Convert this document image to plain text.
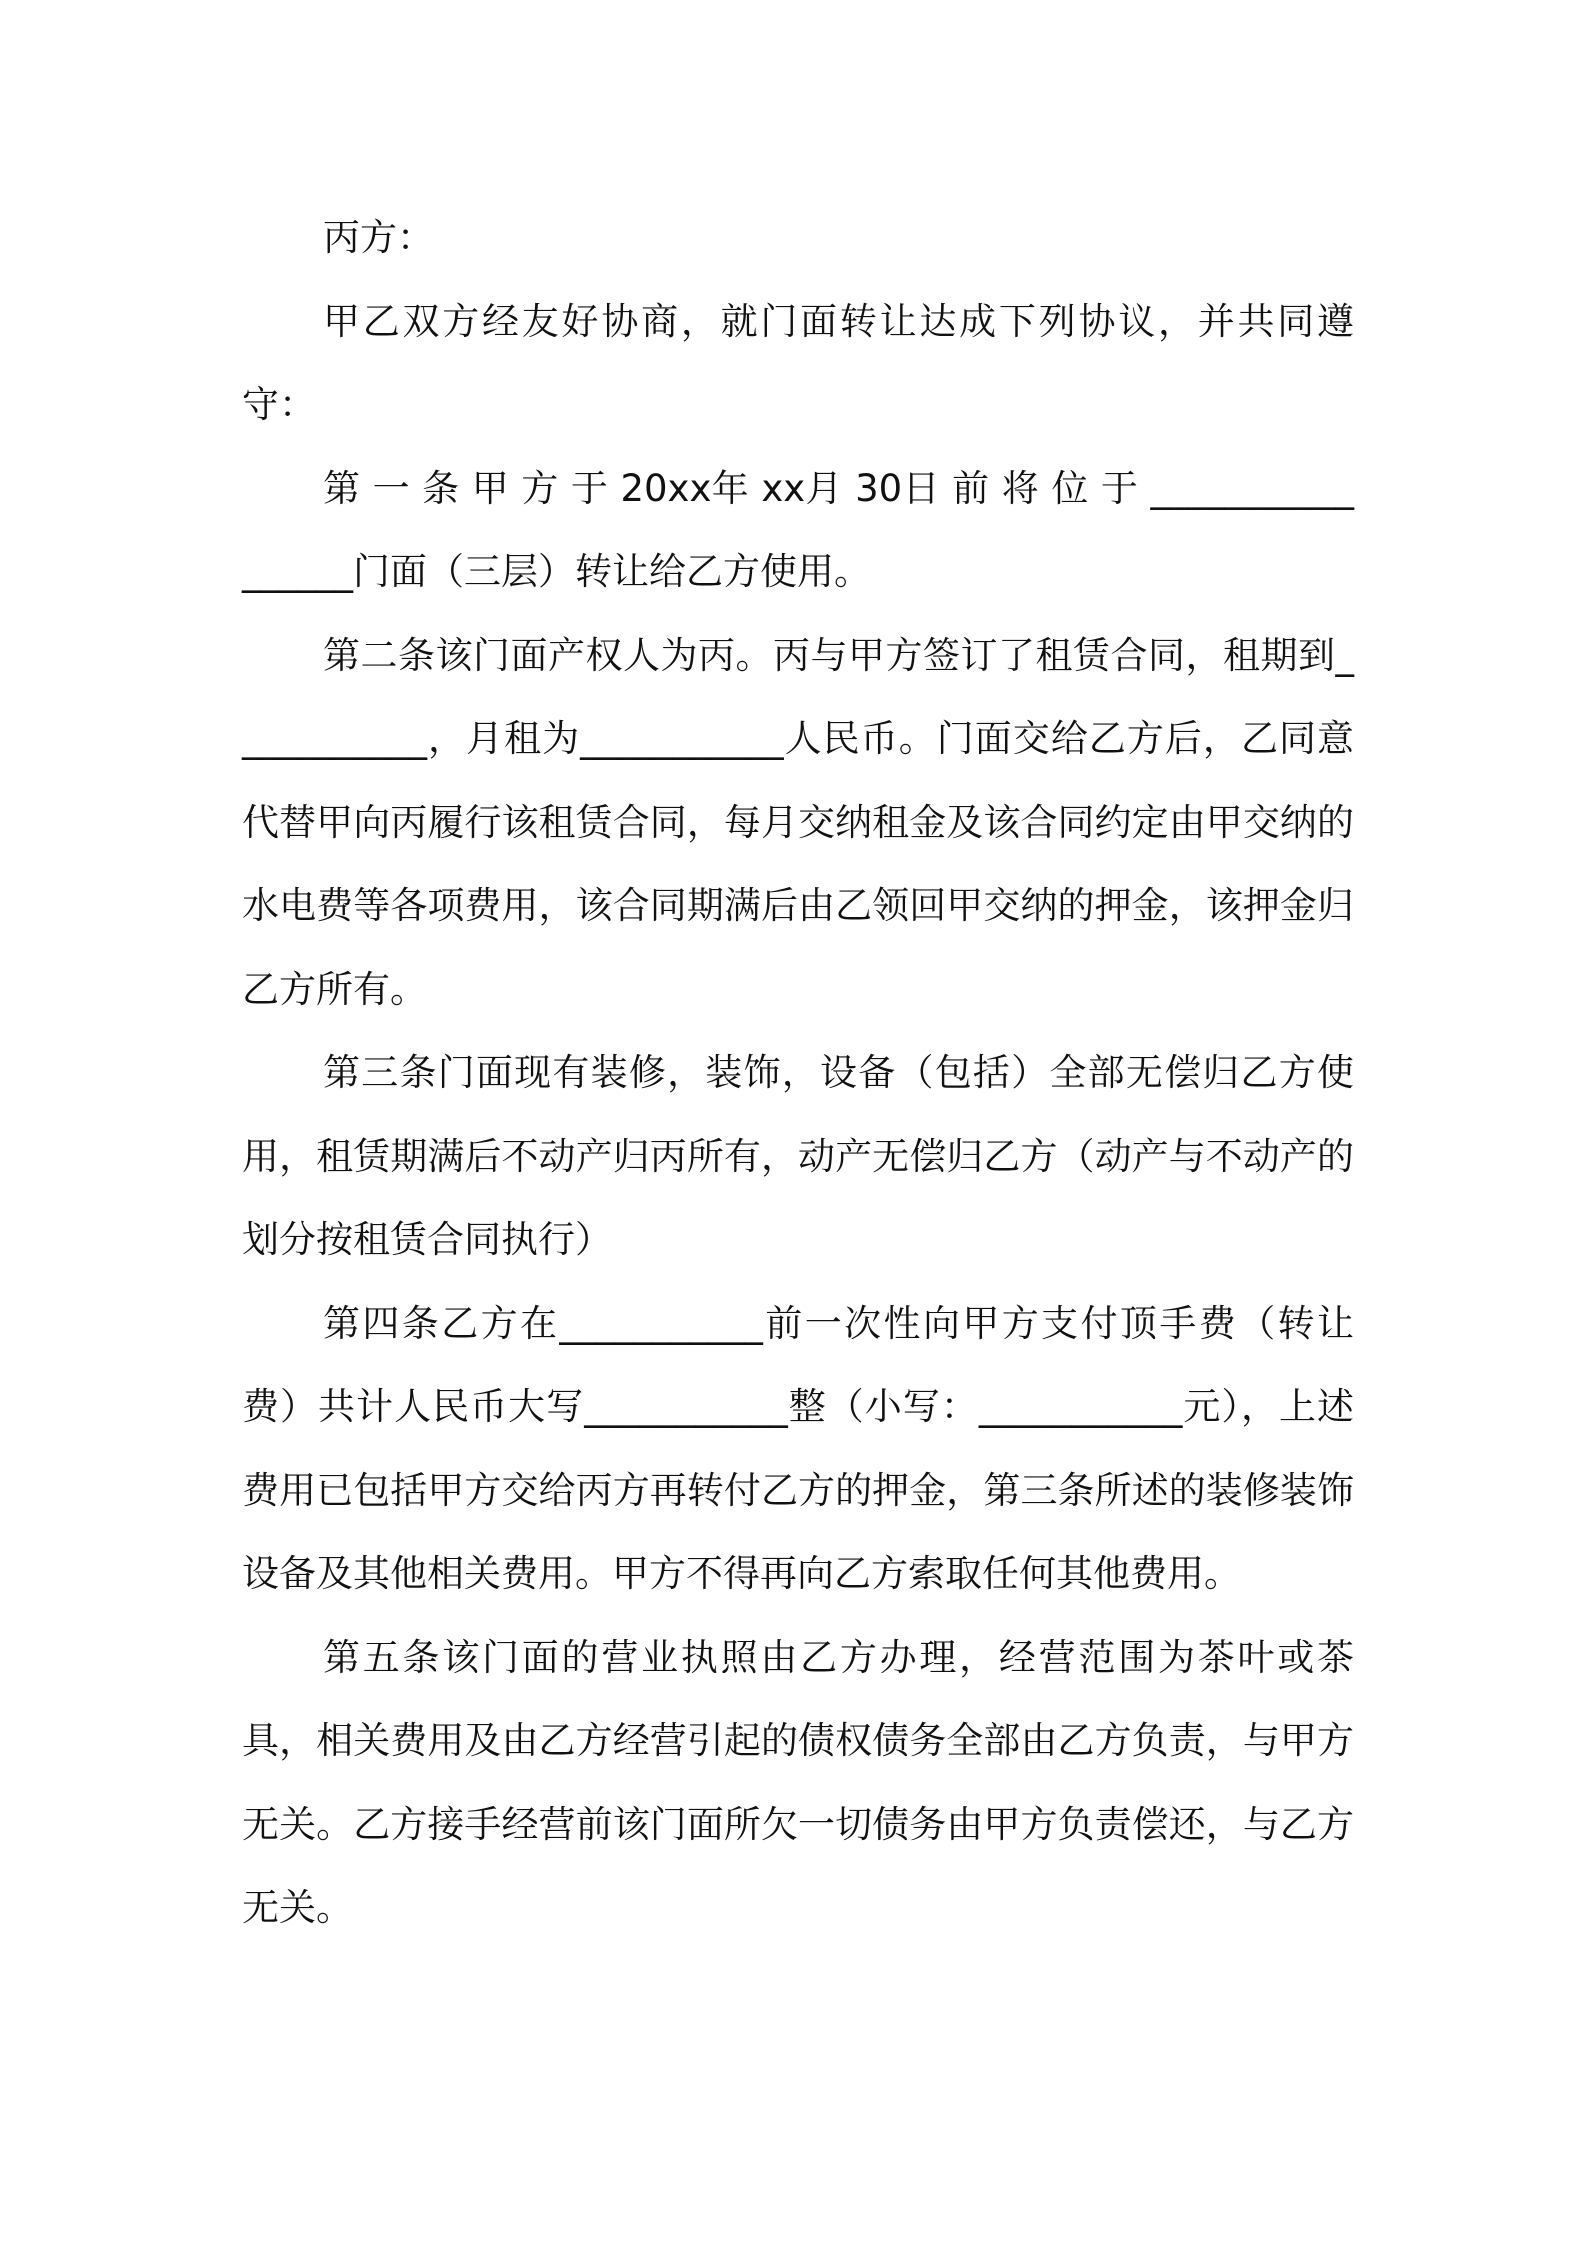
丙方：

甲乙双方经友好协商，就门面转让达成下列协议，并共同遵守：

第 一 条 甲 方 于 20xx年 xx月 30日 前 将 位 于 _________________门面（三层）转让给乙方使用。

第二条该门面产权人为丙。丙与甲方签订了租赁合同，租期到___________，月租为___________人民币。门面交给乙方后，乙同意代替甲向丙履行该租赁合同，每月交纳租金及该合同约定由甲交纳的水电费等各项费用，该合同期满后由乙领回甲交纳的押金，该押金归乙方所有。

第三条门面现有装修，装饰，设备（包括）全部无偿归乙方使用，租赁期满后不动产归丙所有，动产无偿归乙方（动产与不动产的划分按租赁合同执行）

第四条乙方在___________前一次性向甲方支付顶手费（转让费）共计人民币大写___________整（小写：___________元），上述费用已包括甲方交给丙方再转付乙方的押金，第三条所述的装修装饰设备及其他相关费用。甲方不得再向乙方索取任何其他费用。

第五条该门面的营业执照由乙方办理，经营范围为茶叶或茶具，相关费用及由乙方经营引起的债权债务全部由乙方负责，与甲方无关。乙方接手经营前该门面所欠一切债务由甲方负责偿还，与乙方无关。
